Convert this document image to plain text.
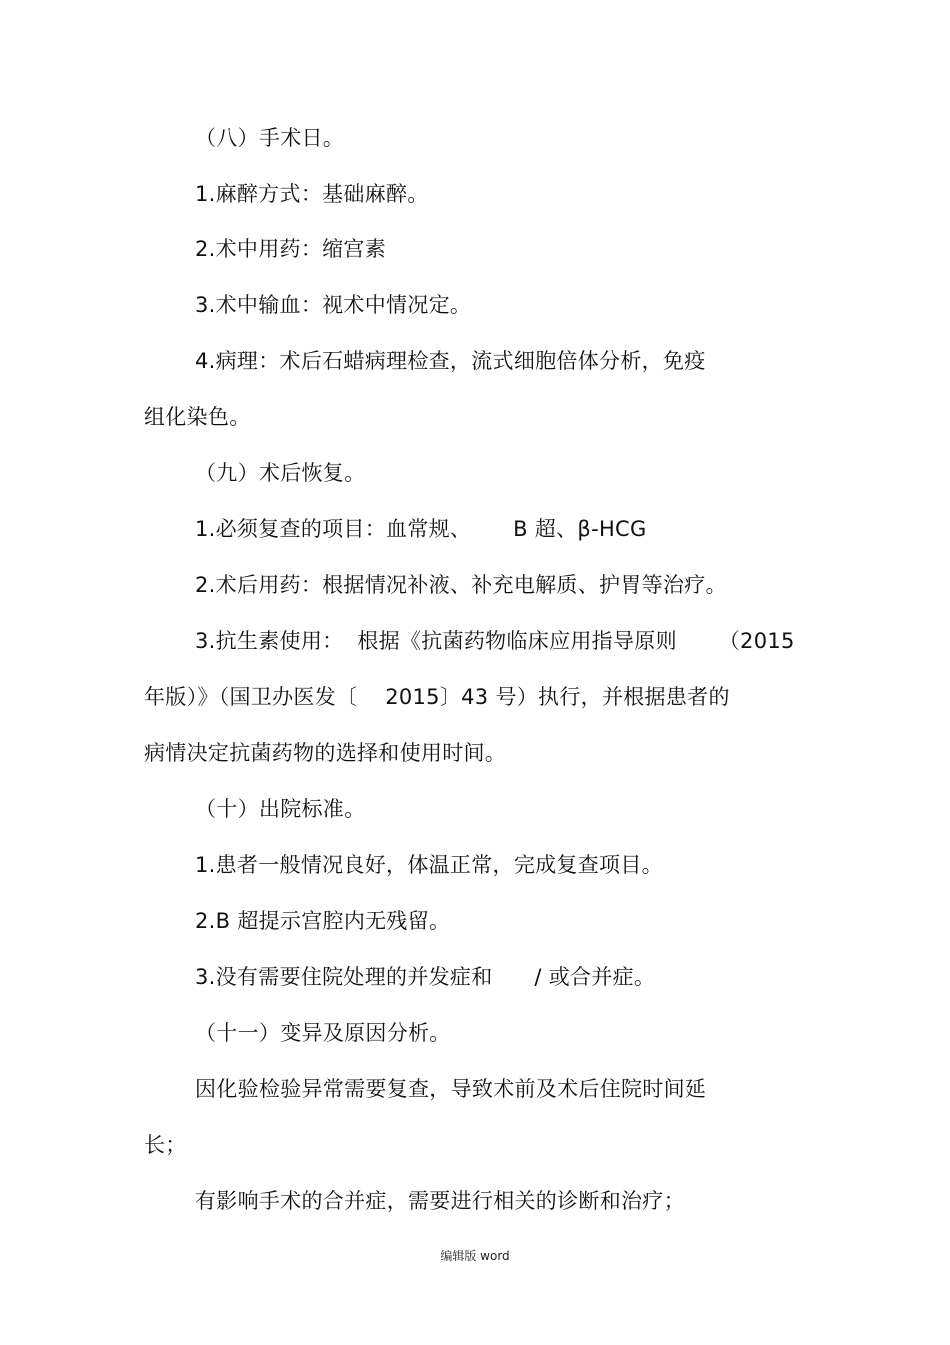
（八）手术日。
1.麻醉方式：基础麻醉。
2.术中用药：缩宫素
3.术中输血：视术中情况定。
4.病理：术后石蜡病理检查，流式细胞倍体分析，免疫
组化染色。
（九）术后恢复。
1.必须复查的项目：血常规、      B 超、β-HCG
2.术后用药：根据情况补液、补充电解质、护胃等治疗。
3.抗生素使用：  根据《抗菌药物临床应用指导原则      （2015
年版）》（国卫办医发〔    2015〕43 号）执行，并根据患者的
病情决定抗菌药物的选择和使用时间。
（十）出院标准。
1.患者一般情况良好，体温正常，完成复查项目。
2.B 超提示宫腔内无残留。
3.没有需要住院处理的并发症和      / 或合并症。
（十一）变异及原因分析。
因化验检验异常需要复查，导致术前及术后住院时间延
长；
有影响手术的合并症，需要进行相关的诊断和治疗；
编辑版 word
